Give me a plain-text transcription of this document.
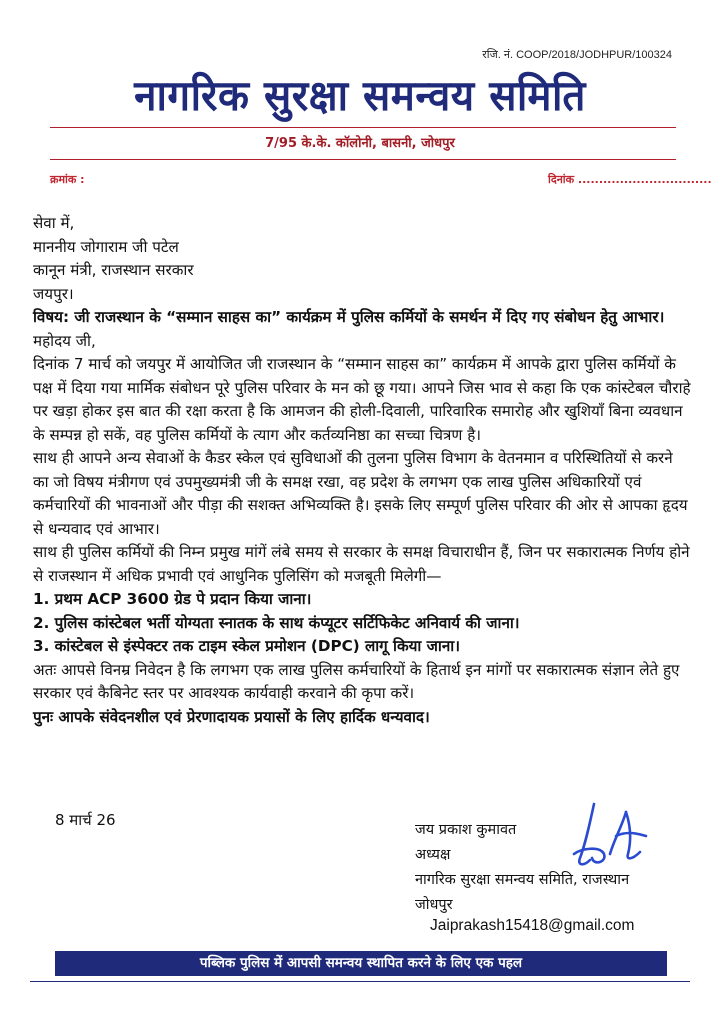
रजि. नं. COOP/2018/JODHPUR/100324
नागरिक सुरक्षा समन्वय समिति
7/95 के.के. कॉलोनी, बासनी, जोधपुर
क्रमांक :	दिनांक ................................

सेवा में,

माननीय जोगाराम जी पटेल

कानून मंत्री, राजस्थान सरकार

जयपुर।

विषय: जी राजस्थान के “सम्मान साहस का” कार्यक्रम में पुलिस कर्मियों के समर्थन में दिए गए संबोधन हेतु आभार।

महोदय जी,

दिनांक 7 मार्च को जयपुर में आयोजित जी राजस्थान के “सम्मान साहस का” कार्यक्रम में आपके द्वारा पुलिस कर्मियों के पक्ष में दिया गया मार्मिक संबोधन पूरे पुलिस परिवार के मन को छू गया। आपने जिस भाव से कहा कि एक कांस्टेबल चौराहे पर खड़ा होकर इस बात की रक्षा करता है कि आमजन की होली-दिवाली, पारिवारिक समारोह और खुशियाँ बिना व्यवधान के सम्पन्न हो सकें, वह पुलिस कर्मियों के त्याग और कर्तव्यनिष्ठा का सच्चा चित्रण है।

साथ ही आपने अन्य सेवाओं के कैडर स्केल एवं सुविधाओं की तुलना पुलिस विभाग के वेतनमान व परिस्थितियों से करने का जो विषय मंत्रीगण एवं उपमुख्यमंत्री जी के समक्ष रखा, वह प्रदेश के लगभग एक लाख पुलिस अधिकारियों एवं कर्मचारियों की भावनाओं और पीड़ा की सशक्त अभिव्यक्ति है। इसके लिए सम्पूर्ण पुलिस परिवार की ओर से आपका हृदय से धन्यवाद एवं आभार।

साथ ही पुलिस कर्मियों की निम्न प्रमुख मांगें लंबे समय से सरकार के समक्ष विचाराधीन हैं, जिन पर सकारात्मक निर्णय होने से राजस्थान में अधिक प्रभावी एवं आधुनिक पुलिसिंग को मजबूती मिलेगी—

1. प्रथम ACP 3600 ग्रेड पे प्रदान किया जाना।

2. पुलिस कांस्टेबल भर्ती योग्यता स्नातक के साथ कंप्यूटर सर्टिफिकेट अनिवार्य की जाना।

3. कांस्टेबल से इंस्पेक्टर तक टाइम स्केल प्रमोशन (DPC) लागू किया जाना।

अतः आपसे विनम्र निवेदन है कि लगभग एक लाख पुलिस कर्मचारियों के हितार्थ इन मांगों पर सकारात्मक संज्ञान लेते हुए सरकार एवं कैबिनेट स्तर पर आवश्यक कार्यवाही करवाने की कृपा करें।

पुनः आपके संवेदनशील एवं प्रेरणादायक प्रयासों के लिए हार्दिक धन्यवाद।

8 मार्च 26
जय प्रकाश कुमावत
अध्यक्ष
नागरिक सुरक्षा समन्वय समिति, राजस्थान
जोधपुर
Jaiprakash15418@gmail.com
पब्लिक पुलिस में आपसी समन्वय स्थापित करने के लिए एक पहल
